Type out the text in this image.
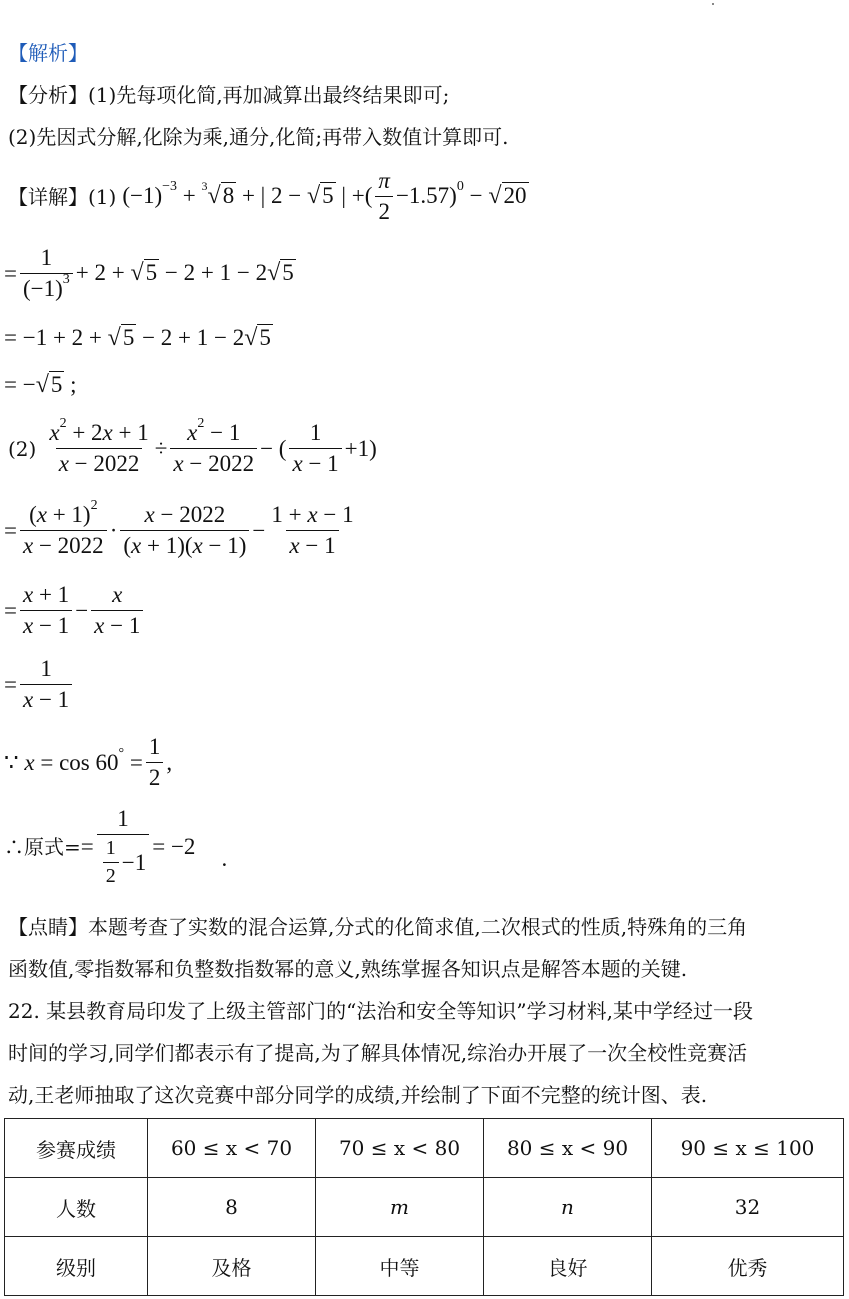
【解析】
【分析】(1)先每项化简,再加减算出最终结果即可;
(2)先因式分解,化除为乘,通分,化简;再带入数值计算即可.
【详解】(1) $(-1)^{-3} + ^3√8$ + | 2 − √5 | +( $\frac{\pi}{2} -1.57)^0 - √20$
= $\frac{1}{(-1)^3} + 2 + √5 - 2 + 1 - 2√5$
= −1 + 2 + √5 − 2 + 1 − 2√5
= −√5 ;
$(2) \frac{x^2 + 2x + 1}{x - 2022} \div \frac{x^2 - 1}{x - 2022}$ − ( $\frac{1}{x - 1} +1$)
= $\frac{(x + 1)^2}{x - 2022} \cdot \frac{x - 2022}{(x + 1)(x - 1)} - \frac{1 + x - 1}{x - 1}$
= $\frac{x + 1}{x - 1} - \frac{x}{x - 1}$
= $\frac{1}{x - 1}$
∵ $x = \cos 60^\circ = \frac{1}{2}$ ,
∴原式= = $\frac{1}{\frac{1}{2} -1} = -2$ .
【点睛】本题考查了实数的混合运算,分式的化简求值,二次根式的性质,特殊角的三角
函数值,零指数幂和负整数指数幂的意义,熟练掌握各知识点是解答本题的关键.
22. 某县教育局印发了上级主管部门的“法治和安全等知识”学习材料,某中学经过一段
时间的学习,同学们都表示有了提高,为了解具体情况,综治办开展了一次全校性竞赛活
动,王老师抽取了这次竞赛中部分同学的成绩,并绘制了下面不完整的统计图、表.
参赛成绩	60 ≤ x < 70	70 ≤ x < 80	80 ≤ x < 90	90 ≤ x ≤ 100
人数	8	m	n	32
级别	及格	中等	良好	优秀
